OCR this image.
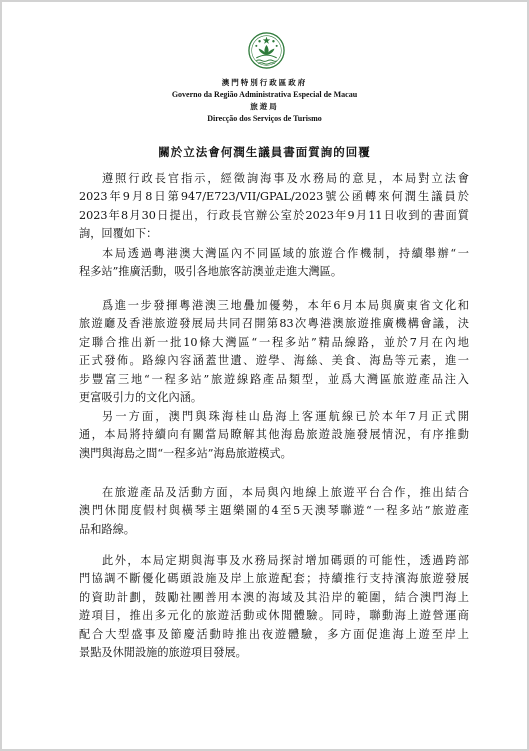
澳門特別行政區政府
Governo da Região Administrativa Especial de Macau
旅遊局
Direcção dos Serviços de Turismo
關於立法會何潤生議員書面質詢的回覆
遵照行政長官指示，經徵詢海事及水務局的意見，本局對立法會
2023年9月8日第947/E723/VII/GPAL/2023號公函轉來何潤生議員於
2023年8月30日提出，行政長官辦公室於2023年9月11日收到的書面質
詢，回覆如下：
本局透過粵港澳大灣區內不同區域的旅遊合作機制，持續舉辦“一
程多站”推廣活動，吸引各地旅客訪澳並走進大灣區。
爲進一步發揮粵港澳三地疊加優勢，本年6月本局與廣東省文化和
旅遊廳及香港旅遊發展局共同召開第83次粵港澳旅遊推廣機構會議，決
定聯合推出新一批10條大灣區“一程多站”精品線路，並於7月在內地
正式發佈。路線內容涵蓋世遺、遊學、海絲、美食、海島等元素，進一
步豐富三地“一程多站”旅遊線路產品類型，並爲大灣區旅遊產品注入
更富吸引力的文化內涵。
另一方面，澳門與珠海桂山島海上客運航線已於本年7月正式開
通，本局將持續向有關當局瞭解其他海島旅遊設施發展情況，有序推動
澳門與海島之間“一程多站”海島旅遊模式。
在旅遊產品及活動方面，本局與內地線上旅遊平台合作，推出結合
澳門休閒度假村與橫琴主題樂園的4至5天澳琴聯遊“一程多站”旅遊產
品和路線。
此外，本局定期與海事及水務局探討增加碼頭的可能性，透過跨部
門協調不斷優化碼頭設施及岸上旅遊配套；持續推行支持濱海旅遊發展
的資助計劃，鼓勵社團善用本澳的海域及其沿岸的範圍，結合澳門海上
遊項目，推出多元化的旅遊活動或休閒體驗。同時，聯動海上遊營運商
配合大型盛事及節慶活動時推出夜遊體驗，多方面促進海上遊至岸上
景點及休閒設施的旅遊項目發展。
